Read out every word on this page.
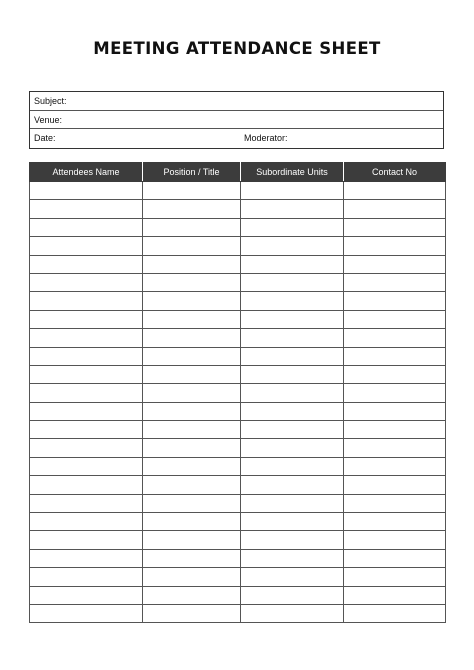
MEETING ATTENDANCE SHEET
Subject:
Venue:
Date:	Moderator:
Attendees Name	Position / Title	Subordinate Units	Contact No
